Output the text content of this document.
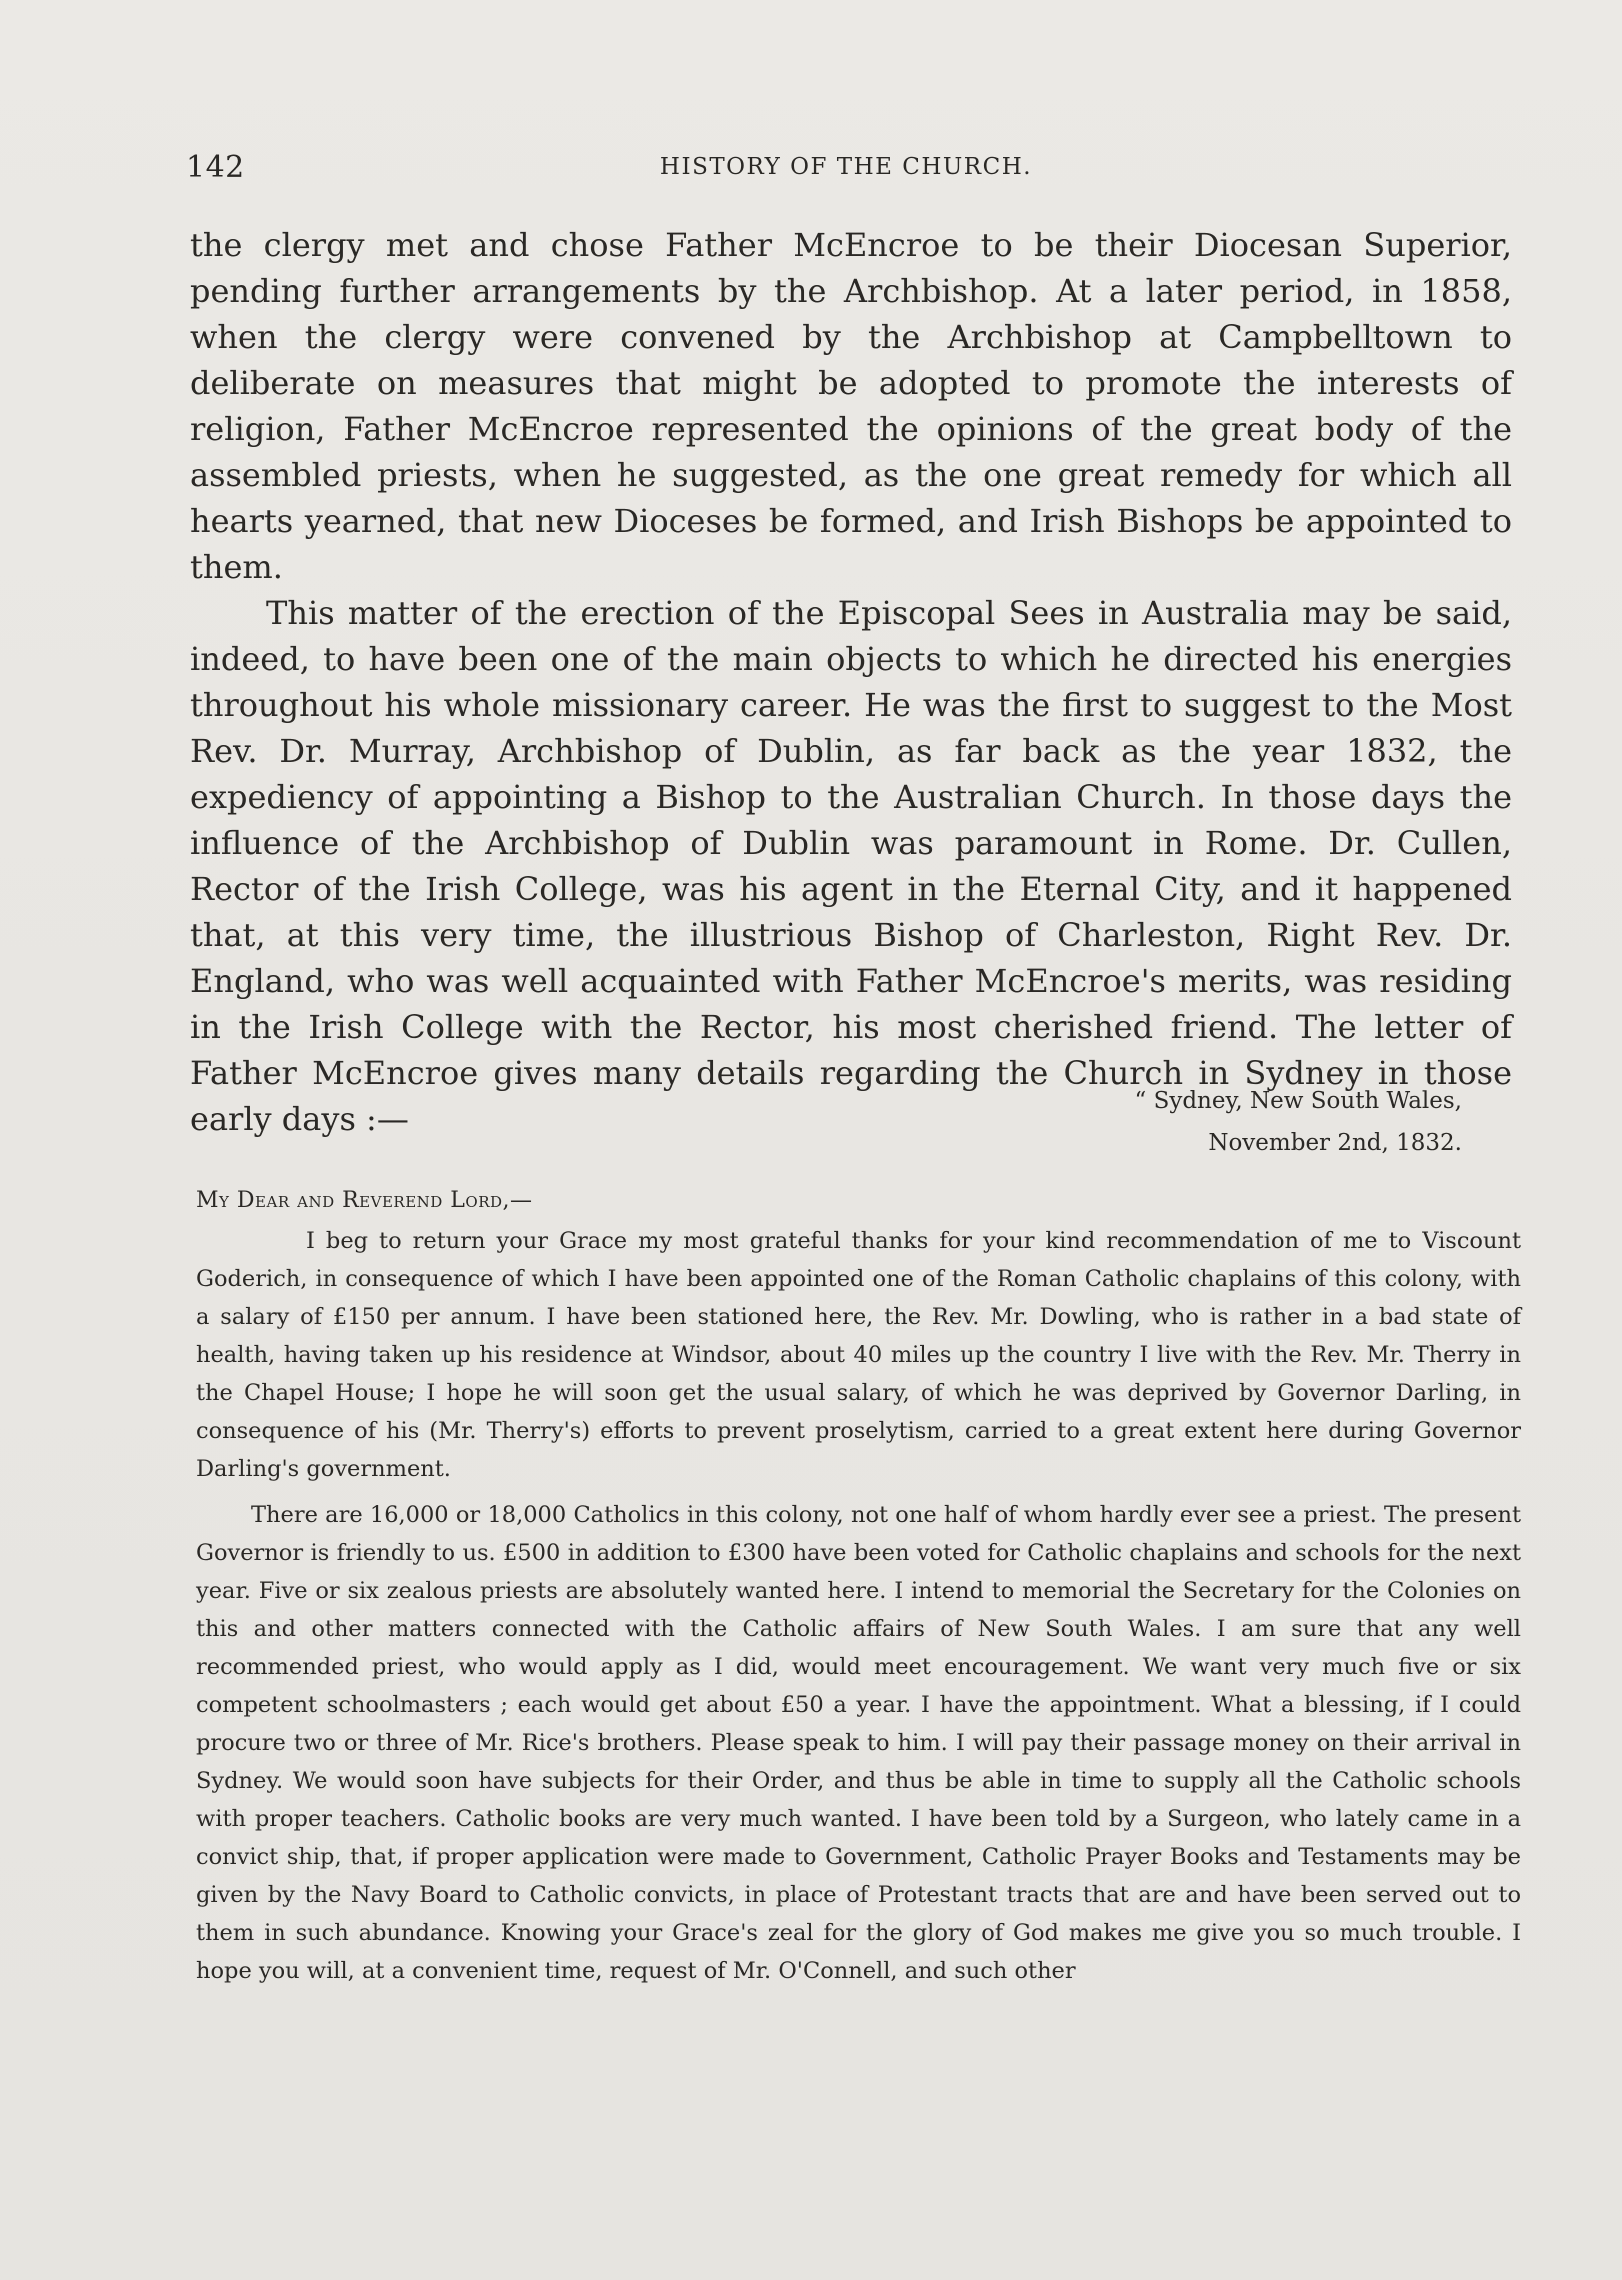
142	HISTORY OF THE CHURCH.

the clergy met and chose Father McEncroe to be their Diocesan Superior, pending further arrangements by the Archbishop. At a later period, in 1858, when the clergy were convened by the Archbishop at Campbelltown to deliberate on measures that might be adopted to promote the interests of religion, Father McEncroe represented the opinions of the great body of the assembled priests, when he suggested, as the one great remedy for which all hearts yearned, that new Dioceses be formed, and Irish Bishops be appointed to them.

This matter of the erection of the Episcopal Sees in Australia may be said, indeed, to have been one of the main objects to which he directed his energies throughout his whole missionary career. He was the first to suggest to the Most Rev. Dr. Murray, Archbishop of Dublin, as far back as the year 1832, the expediency of appointing a Bishop to the Australian Church. In those days the influence of the Archbishop of Dublin was paramount in Rome. Dr. Cullen, Rector of the Irish College, was his agent in the Eternal City, and it happened that, at this very time, the illustrious Bishop of Charleston, Right Rev. Dr. England, who was well acquainted with Father McEncroe's merits, was residing in the Irish College with the Rector, his most cherished friend. The letter of Father McEncroe gives many details regarding the Church in Sydney in those early days :—	“ Sydney, New South Wales,
November 2nd, 1832.
My Dear and Reverend Lord,—

I beg to return your Grace my most grateful thanks for your kind recommendation of me to Viscount Goderich, in consequence of which I have been appointed one of the Roman Catholic chaplains of this colony, with a salary of £150 per annum. I have been stationed here, the Rev. Mr. Dowling, who is rather in a bad state of health, having taken up his residence at Windsor, about 40 miles up the country I live with the Rev. Mr. Therry in the Chapel House; I hope he will soon get the usual salary, of which he was deprived by Governor Darling, in consequence of his (Mr. Therry's) efforts to prevent proselytism, carried to a great extent here during Governor Darling's government.

There are 16,000 or 18,000 Catholics in this colony, not one half of whom hardly ever see a priest. The present Governor is friendly to us. £500 in addition to £300 have been voted for Catholic chaplains and schools for the next year. Five or six zealous priests are absolutely wanted here. I intend to memorial the Secretary for the Colonies on this and other matters connected with the Catholic affairs of New South Wales. I am sure that any well recommended priest, who would apply as I did, would meet encouragement. We want very much five or six competent schoolmasters ; each would get about £50 a year. I have the appointment. What a blessing, if I could procure two or three of Mr. Rice's brothers. Please speak to him. I will pay their passage money on their arrival in Sydney. We would soon have subjects for their Order, and thus be able in time to supply all the Catholic schools with proper teachers. Catholic books are very much wanted. I have been told by a Surgeon, who lately came in a convict ship, that, if proper application were made to Government, Catholic Prayer Books and Testaments may be given by the Navy Board to Catholic convicts, in place of Protestant tracts that are and have been served out to them in such abundance. Knowing your Grace's zeal for the glory of God makes me give you so much trouble. I hope you will, at a convenient time, request of Mr. O'Connell, and such other
